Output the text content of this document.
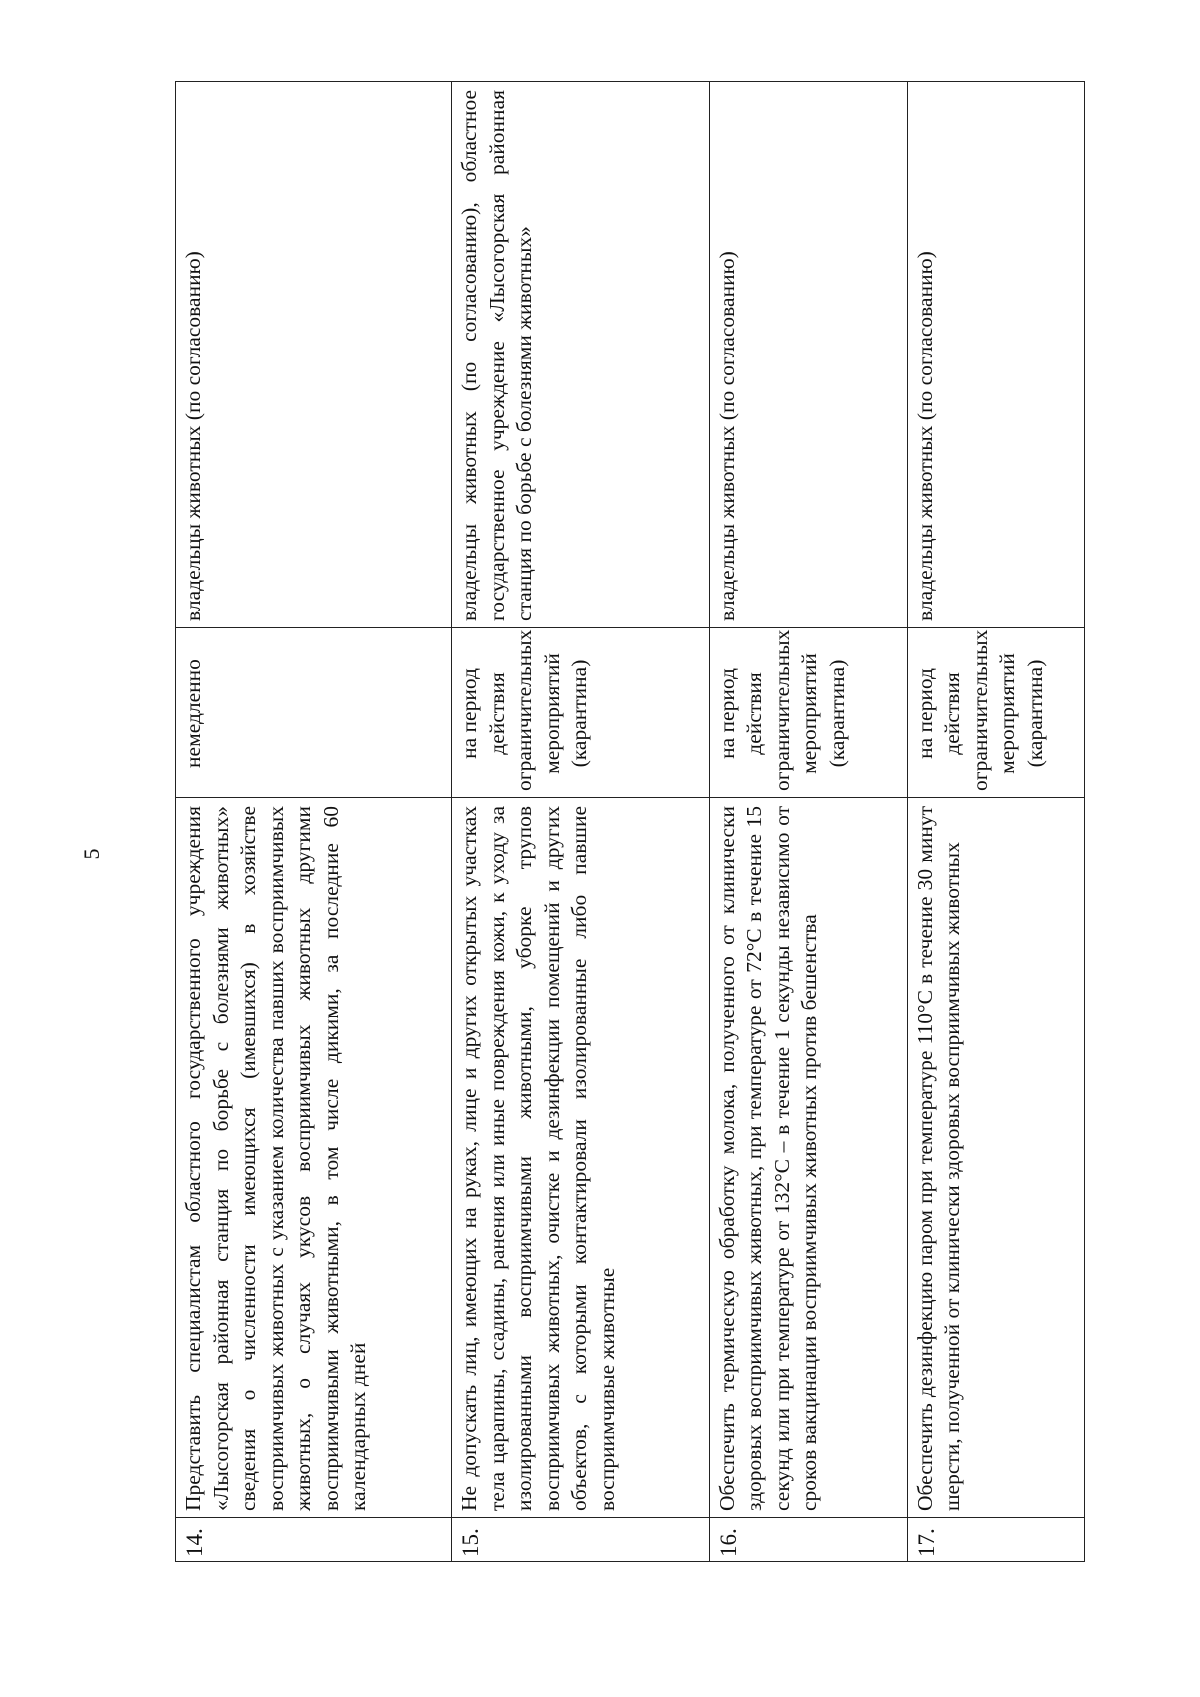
5
14.	Представить специалистам областного государственного учреждения «Лысогорская районная станция по борьбе с болезнями животных» сведения о численности имеющихся (имевшихся) в хозяйстве восприимчивых животных с указанием количества павших восприимчивых животных, о случаях укусов восприимчивых животных другими восприимчивыми животными, в том числе дикими, за последние 60 календарных дней	немедленно	владельцы животных (по согласованию)
15.	Не допускать лиц, имеющих на руках, лице и других открытых участках тела царапины, ссадины, ранения или иные повреждения кожи, к уходу за изолированными восприимчивыми животными, уборке трупов восприимчивых животных, очистке и дезинфекции помещений и других объектов, с которыми контактировали изолированные либо павшие восприимчивые животные	на период действия ограничительных мероприятий (карантина)	владельцы животных (по согласованию), областное государственное учреждение «Лысогорская районная станция по борьбе с болезнями животных»
16.	Обеспечить термическую обработку молока, полученного от клинически здоровых восприимчивых животных, при температуре от 72°C в течение 15 секунд или при температуре от 132°C – в течение 1 секунды независимо от сроков вакцинации восприимчивых животных против бешенства	на период действия ограничительных мероприятий (карантина)	владельцы животных (по согласованию)
17.	Обеспечить дезинфекцию паром при температуре 110°C в течение 30 минут шерсти, полученной от клинически здоровых восприимчивых животных	на период действия ограничительных мероприятий (карантина)	владельцы животных (по согласованию)
